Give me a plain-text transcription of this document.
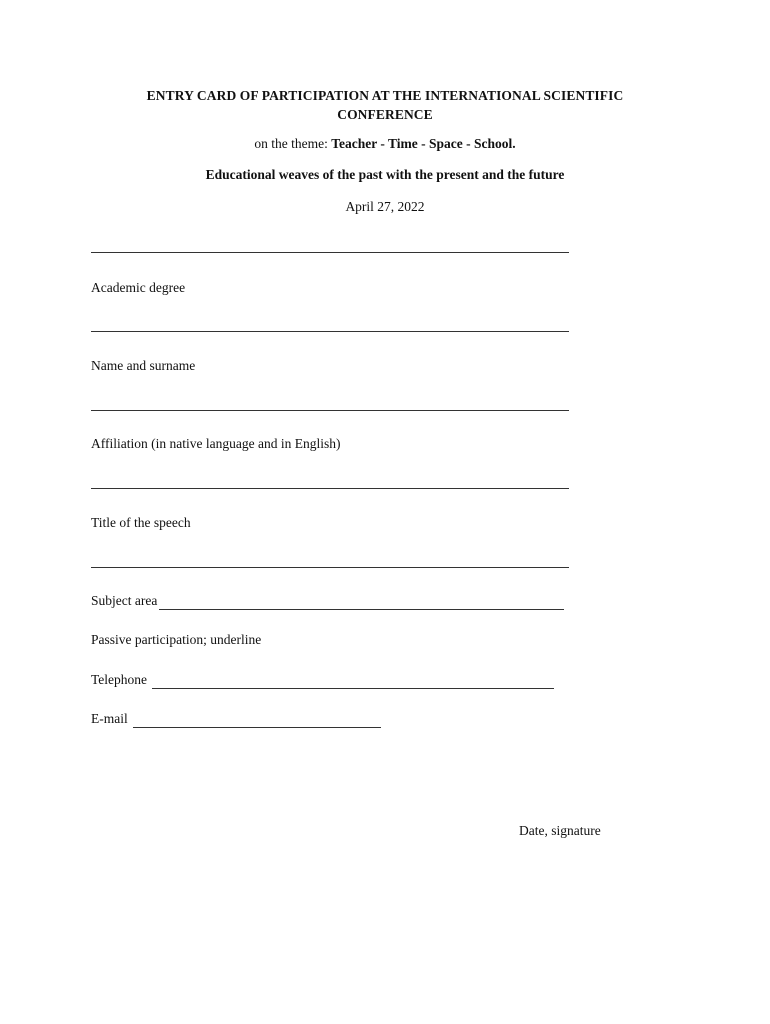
ENTRY CARD OF PARTICIPATION AT THE INTERNATIONAL SCIENTIFIC CONFERENCE
on the theme: Teacher - Time - Space - School.
Educational weaves of the past with the present and the future
April 27, 2022
Academic degree
Name and surname
Affiliation (in native language and in English)
Title of the speech
Subject area
Passive participation; underline
Telephone
E-mail
Date, signature
